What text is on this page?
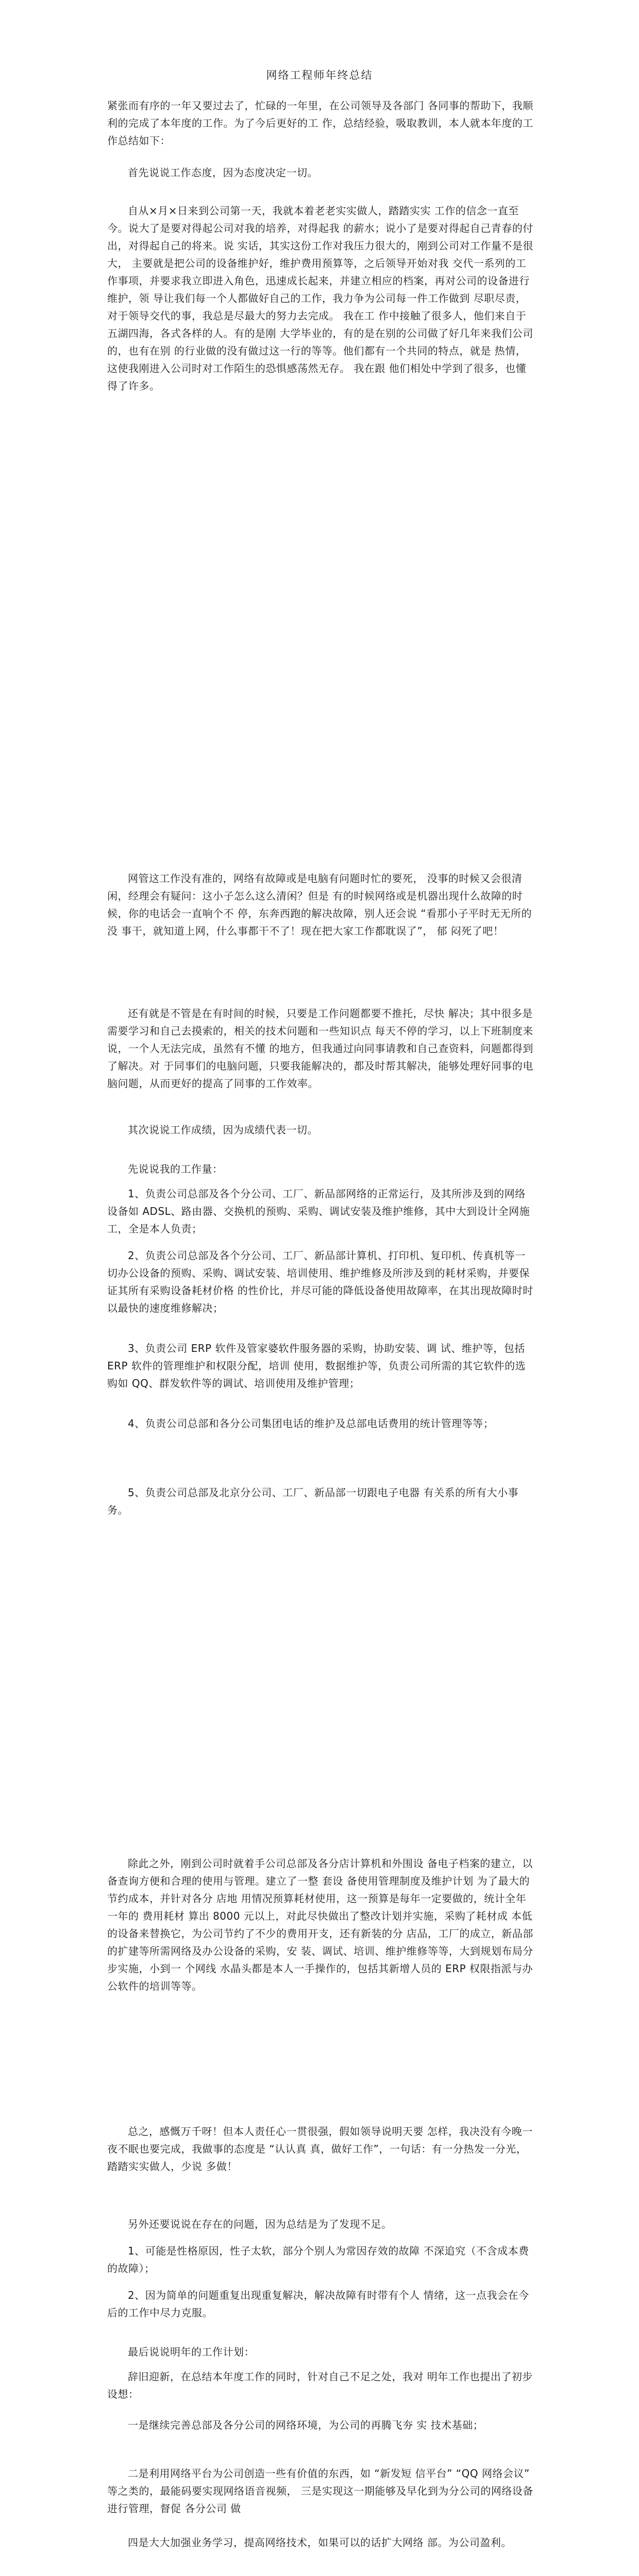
网络工程师年终总结

紧张而有序的一年又要过去了，忙碌的一年里，在公司领导及各部门 各同事的帮助下，我顺利的完成了本年度的工作。为了今后更好的工 作，总结经验，吸取教训，本人就本年度的工作总结如下：

首先说说工作态度，因为态度决定一切。

自从×月×日来到公司第一天，我就本着老老实实做人，踏踏实实 工作的信念一直至今。说大了是要对得起公司对我的培养，对得起我 的薪水；说小了是要对得起自己青春的付出，对得起自己的将来。说 实话，其实这份工作对我压力很大的，刚到公司对工作量不是很大， 主要就是把公司的设备维护好，维护费用预算等，之后领导开始对我 交代一系列的工作事项，并要求我立即进入角色，迅速成长起来，并建立相应的档案，再对公司的设备进行维护，领 导让我们每一个人都做好自己的工作，我力争为公司每一件工作做到 尽职尽责，对于领导交代的事，我总是尽最大的努力去完成。 我在工 作中接触了很多人，他们来自于五湖四海，各式各样的人。有的是刚 大学毕业的，有的是在别的公司做了好几年来我们公司的，也有在别 的行业做的没有做过这一行的等等。他们都有一个共同的特点，就是 热情，这使我刚进入公司时对工作陌生的恐惧感荡然无存。 我在跟 他们相处中学到了很多，也懂得了许多。

网管这工作没有准的，网络有故障或是电脑有问题时忙的要死， 没事的时候又会很清闲，经理会有疑问：这小子怎么这么清闲？但是 有的时候网络或是机器出现什么故障的时候，你的电话会一直响个不 停，东奔西跑的解决故障，别人还会说 “看那小子平时无无所的没 事干，就知道上网，什么事都干不了！现在把大家工作都耽误了”， 郁 闷死了吧！

还有就是不管是在有时间的时候，只要是工作问题都要不推托，尽快 解决；其中很多是需要学习和自己去摸索的，相关的技术问题和一些知识点 每天不停的学习，以上下班制度来说，一个人无法完成，虽然有不懂 的地方，但我通过向同事请教和自己查资料，问题都得到了解决。对 于同事们的电脑问题，只要我能解决的，都及时帮其解决，能够处理好同事的电脑问题，从而更好的提高了同事的工作效率。

其次说说工作成绩，因为成绩代表一切。

先说说我的工作量：

1、负责公司总部及各个分公司、工厂、新品部网络的正常运行，及其所涉及到的网络设备如 ADSL、路由器、交换机的预购、采购、调试安装及维护维修，其中大到设计全网施工，全是本人负责；

2、负责公司总部及各个分公司、工厂、新品部计算机、打印机、复印机、传真机等一切办公设备的预购、采购、调试安装、培训使用、维护维修及所涉及到的耗材采购，并要保证其所有采购设备耗材价格 的性价比，并尽可能的降低设备使用故障率，在其出现故障时时 以最快的速度维修解决；

3、负责公司 ERP 软件及管家婆软件服务器的采购，协助安装、调 试、维护等，包括 ERP 软件的管理维护和权限分配，培训 使用，数据维护等，负责公司所需的其它软件的选购如 QQ、群发软件等的调试、培训使用及维护管理；

4、负责公司总部和各分公司集团电话的维护及总部电话费用的统计管理等等；

5、负责公司总部及北京分公司、工厂、新品部一切跟电子电器 有关系的所有大小事务。

除此之外，刚到公司时就着手公司总部及各分店计算机和外围设 备电子档案的建立，以备查询方便和合理的使用与管理。建立了一整 套设 备使用管理制度及维护计划 为了最大的节约成本，并针对各分 店地 用情况预算耗材使用，这一预算是每年一定要做的，统计全年一年的 费用耗材 算出 8000 元以上，对此尽快做出了整改计划并实施，采购了耗材成 本低的设备来替换它，为公司节约了不少的费用开支，还有新装的分 店品，工厂的成立，新品部的扩建等所需网络及办公设备的采购，安 装、调试、培训、维护维修等等，大到规划布局分步实施，小到一 个网线 水晶头都是本人一手操作的，包括其新增人员的 ERP 权限指派与办公软件的培训等等。

总之，感慨万千呀！但本人责任心一贯很强，假如领导说明天要 怎样，我决没有今晚一夜不眠也要完成，我做事的态度是 “认认真 真，做好工作”，一句话：有一分热发一分光，踏踏实实做人，少说 多做！

另外还要说说在存在的问题，因为总结是为了发现不足。

1、可能是性格原因，性子太软，部分个别人为常因存效的故障 不深追究（不含成本费的故障）；

2、因为简单的问题重复出现重复解决，解决故障有时带有个人 情绪，这一点我会在今后的工作中尽力克服。

最后说说明年的工作计划：

辞旧迎新，在总结本年度工作的同时，针对自己不足之处，我对 明年工作也提出了初步设想：

一是继续完善总部及各分公司的网络环境，为公司的再腾飞夯 实 技术基础；

二是利用网络平台为公司创造一些有价值的东西，如 “新发短 信平台” “QQ 网络会议” 等之类的，最能码要实现网络语音视频， 三是实现这一期能够及早化到为分公司的网络设备进行管理，督促 各分公司 做

四是大大加强业务学习，提高网络技术，如果可以的话扩大网络 部。为公司盈利。
